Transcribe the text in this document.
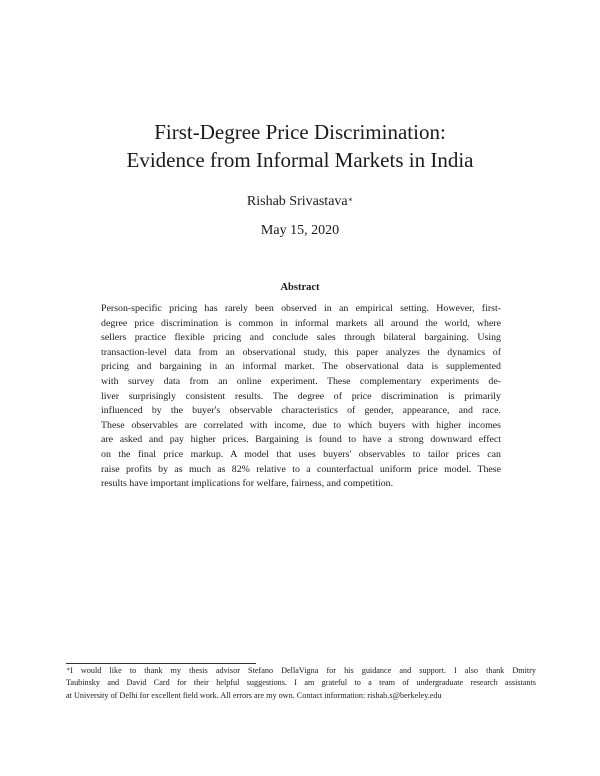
First-Degree Price Discrimination:
Evidence from Informal Markets in India
Rishab Srivastava∗
May 15, 2020
Abstract
Person-specific pricing has rarely been observed in an empirical setting. However, first-
degree price discrimination is common in informal markets all around the world, where
sellers practice flexible pricing and conclude sales through bilateral bargaining. Using
transaction-level data from an observational study, this paper analyzes the dynamics of
pricing and bargaining in an informal market. The observational data is supplemented
with survey data from an online experiment. These complementary experiments de-
liver surprisingly consistent results. The degree of price discrimination is primarily
influenced by the buyer's observable characteristics of gender, appearance, and race.
These observables are correlated with income, due to which buyers with higher incomes
are asked and pay higher prices. Bargaining is found to have a strong downward effect
on the final price markup. A model that uses buyers' observables to tailor prices can
raise profits by as much as 82% relative to a counterfactual uniform price model. These
results have important implications for welfare, fairness, and competition.
∗I would like to thank my thesis advisor Stefano DellaVigna for his guidance and support. I also thank Dmitry
Taubinsky and David Card for their helpful suggestions. I am grateful to a team of undergraduate research assistants
at University of Delhi for excellent field work. All errors are my own. Contact information: rishab.s@berkeley.edu
